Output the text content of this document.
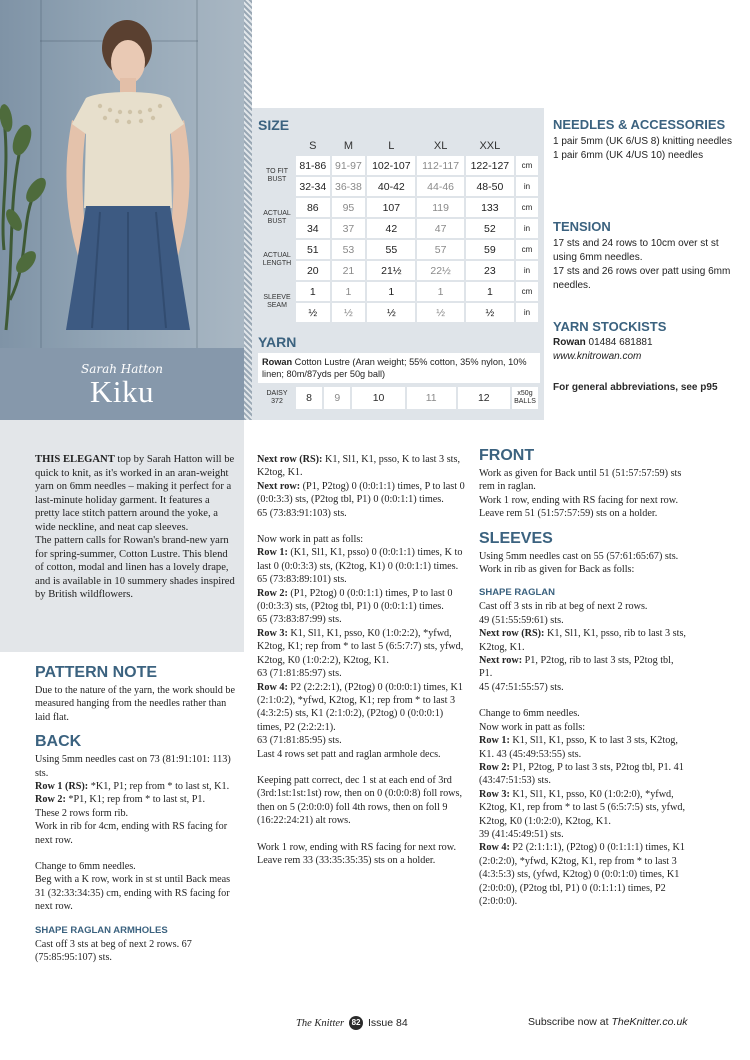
Sarah Hatton
Kiku
SIZE
	S	M	L	XL	XXL	
TO FIT BUST	81-86	91-97	102-107	112-117	122-127	cm
	32-34	36-38	40-42	44-46	48-50	in
ACTUAL BUST	86	95	107	119	133	cm
	34	37	42	47	52	in
ACTUAL LENGTH	51	53	55	57	59	cm
	20	21	21½	22½	23	in
SLEEVE SEAM	1	1	1	1	1	cm
	½	½	½	½	½	in
YARN
Rowan Cotton Lustre (Aran weight; 55% cotton, 35% nylon, 10% linen; 80m/87yds per 50g ball)
DAISY 372	8	9	10	11	12	x50g BALLS
NEEDLES & ACCESSORIES
1 pair 5mm (UK 6/US 8) knitting needles
1 pair 6mm (UK 4/US 10) needles
TENSION
17 sts and 24 rows to 10cm over st st using 6mm needles.
17 sts and 26 rows over patt using 6mm needles.
YARN STOCKISTS
Rowan 01484 681881
www.knitrowan.com
For general abbreviations, see p95

THIS ELEGANT top by Sarah Hatton will be quick to knit, as it's worked in an aran-weight yarn on 6mm needles – making it perfect for a last-minute holiday garment. It features a pretty lace stitch pattern around the yoke, a wide neckline, and neat cap sleeves.

The pattern calls for Rowan's brand-new yarn for spring-summer, Cotton Lustre. This blend of cotton, modal and linen has a lovely drape, and is available in 10 summery shades inspired by British wildflowers.

PATTERN NOTE

Due to the nature of the yarn, the work should be measured hanging from the needles rather than laid flat.

BACK

Using 5mm needles cast on 73 (81:91:101: 113) sts.

Row 1 (RS): *K1, P1; rep from * to last st, K1.

Row 2: *P1, K1; rep from * to last st, P1.

These 2 rows form rib.

Work in rib for 4cm, ending with RS facing for next row.

Change to 6mm needles.

Beg with a K row, work in st st until Back meas 31 (32:33:34:35) cm, ending with RS facing for next row.

SHAPE RAGLAN ARMHOLES

Cast off 3 sts at beg of next 2 rows. 67 (75:85:95:107) sts.

Next row (RS): K1, Sl1, K1, psso, K to last 3 sts, K2tog, K1.

Next row: (P1, P2tog) 0 (0:0:1:1) times, P to last 0 (0:0:3:3) sts, (P2tog tbl, P1) 0 (0:0:1:1) times.

65 (73:83:91:103) sts.

Now work in patt as folls:

Row 1: (K1, Sl1, K1, psso) 0 (0:0:1:1) times, K to last 0 (0:0:3:3) sts, (K2tog, K1) 0 (0:0:1:1) times.

65 (73:83:89:101) sts.

Row 2: (P1, P2tog) 0 (0:0:1:1) times, P to last 0 (0:0:3:3) sts, (P2tog tbl, P1) 0 (0:0:1:1) times.

65 (73:83:87:99) sts.

Row 3: K1, Sl1, K1, psso, K0 (1:0:2:2), *yfwd, K2tog, K1; rep from * to last 5 (6:5:7:7) sts, yfwd, K2tog, K0 (1:0:2:2), K2tog, K1.

63 (71:81:85:97) sts.

Row 4: P2 (2:2:2:1), (P2tog) 0 (0:0:0:1) times, K1 (2:1:0:2), *yfwd, K2tog, K1; rep from * to last 3 (4:3:2:5) sts, K1 (2:1:0:2), (P2tog) 0 (0:0:0:1) times, P2 (2:2:2:1).

63 (71:81:85:95) sts.

Last 4 rows set patt and raglan armhole decs.

Keeping patt correct, dec 1 st at each end of 3rd (3rd:1st:1st:1st) row, then on 0 (0:0:0:8) foll rows, then on 5 (2:0:0:0) foll 4th rows, then on foll 9 (16:22:24:21) alt rows.

Work 1 row, ending with RS facing for next row.

Leave rem 33 (33:35:35:35) sts on a holder.

FRONT

Work as given for Back until 51 (51:57:57:59) sts rem in raglan.

Work 1 row, ending with RS facing for next row.

Leave rem 51 (51:57:57:59) sts on a holder.

SLEEVES

Using 5mm needles cast on 55 (57:61:65:67) sts.

Work in rib as given for Back as folls:

SHAPE RAGLAN

Cast off 3 sts in rib at beg of next 2 rows.

49 (51:55:59:61) sts.

Next row (RS): K1, Sl1, K1, psso, rib to last 3 sts, K2tog, K1.

Next row: P1, P2tog, rib to last 3 sts, P2tog tbl, P1.

45 (47:51:55:57) sts.

Change to 6mm needles.

Now work in patt as folls:

Row 1: K1, Sl1, K1, psso, K to last 3 sts, K2tog, K1. 43 (45:49:53:55) sts.

Row 2: P1, P2tog, P to last 3 sts, P2tog tbl, P1. 41 (43:47:51:53) sts.

Row 3: K1, Sl1, K1, psso, K0 (1:0:2:0), *yfwd, K2tog, K1, rep from * to last 5 (6:5:7:5) sts, yfwd, K2tog, K0 (1:0:2:0), K2tog, K1.

39 (41:45:49:51) sts.

Row 4: P2 (2:1:1:1), (P2tog) 0 (0:1:1:1) times, K1 (2:0:2:0), *yfwd, K2tog, K1, rep from * to last 3 (4:3:5:3) sts, (yfwd, K2tog) 0 (0:0:1:0) times, K1 (2:0:0:0), (P2tog tbl, P1) 0 (0:1:1:1) times, P2 (2:0:0:0).

The Knitter 82 Issue 84	Subscribe now at TheKnitter.co.uk
